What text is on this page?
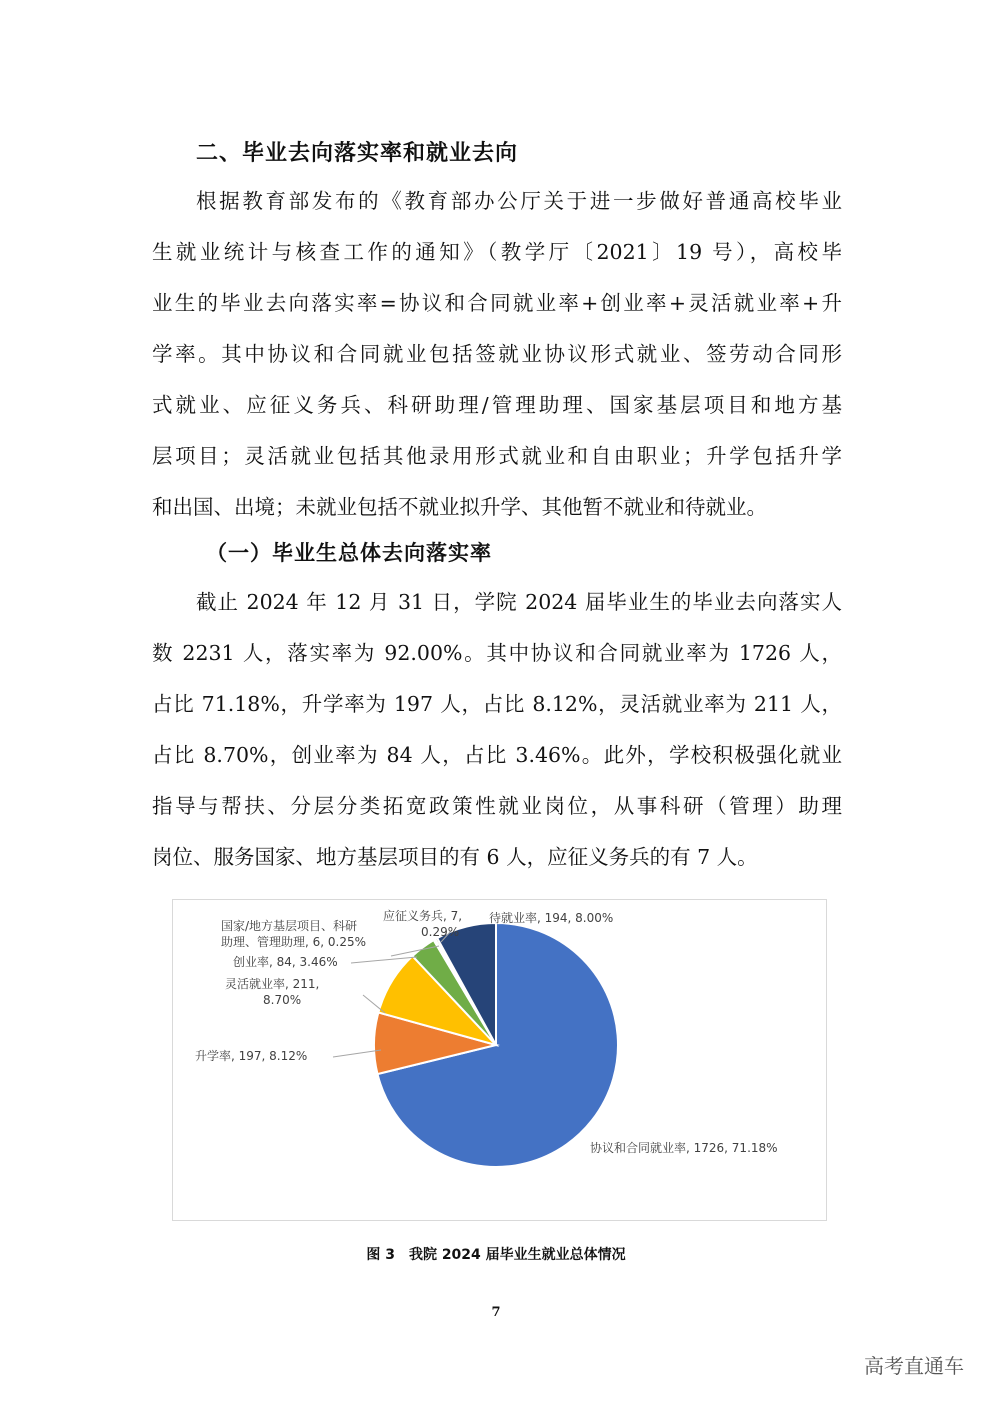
二、毕业去向落实率和就业去向
根据教育部发布的《教育部办公厅关于进一步做好普通高校毕业
生就业统计与核查工作的通知》（教学厅〔2021〕19 号），高校毕
业生的毕业去向落实率=协议和合同就业率+创业率+灵活就业率+升
学率。其中协议和合同就业包括签就业协议形式就业、签劳动合同形
式就业、应征义务兵、科研助理/管理助理、国家基层项目和地方基
层项目；灵活就业包括其他录用形式就业和自由职业；升学包括升学
和出国、出境；未就业包括不就业拟升学、其他暂不就业和待就业。
（一）毕业生总体去向落实率
截止 2024 年 12 月 31 日，学院 2024 届毕业生的毕业去向落实人
数 2231 人，落实率为 92.00%。其中协议和合同就业率为 1726 人，
占比 71.18%，升学率为 197 人，占比 8.12%，灵活就业率为 211 人，
占比 8.70%，创业率为 84 人，占比 3.46%。此外，学校积极强化就业
指导与帮扶、分层分类拓宽政策性就业岗位，从事科研（管理）助理
岗位、服务国家、地方基层项目的有 6 人，应征义务兵的有 7 人。
协议和合同就业率, 1726, 71.18%
升学率, 197, 8.12%
灵活就业率, 211,
8.70%
创业率, 84, 3.46%
国家/地方基层项目、科研
助理、管理助理, 6, 0.25%
应征义务兵, 7,
0.29%
待就业率, 194, 8.00%
图 3　我院 2024 届毕业生就业总体情况
7
高考直通车
